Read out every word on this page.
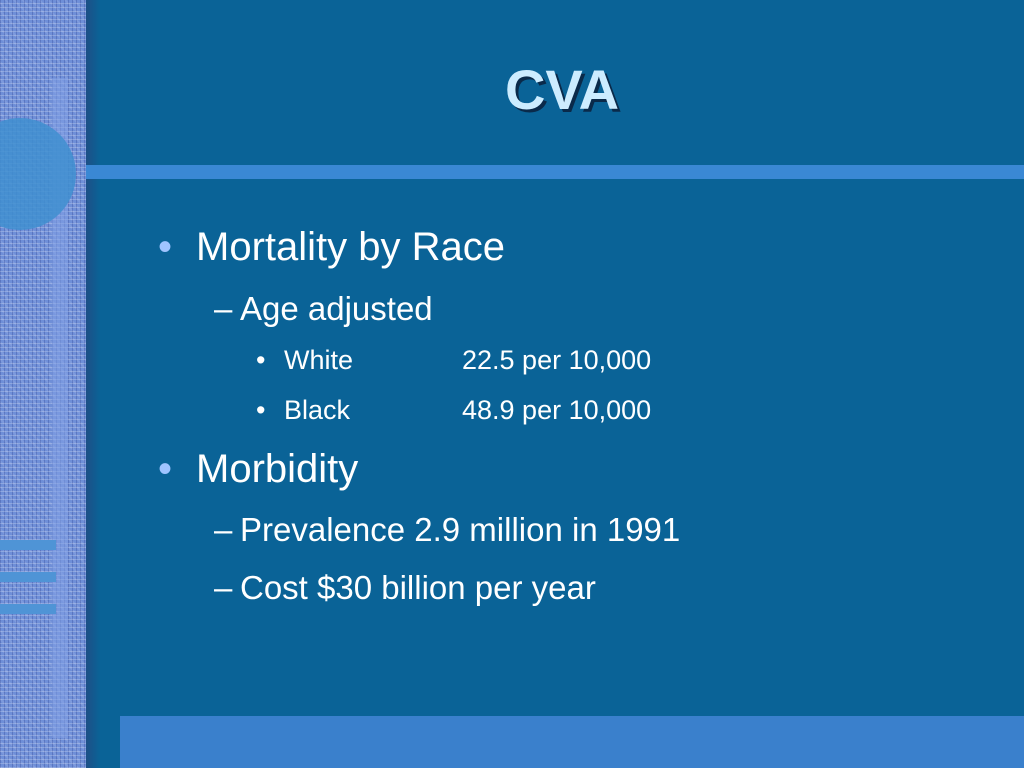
CVA
• Mortality by Race
– Age adjusted
• White	22.5 per 10,000
• Black	48.9 per 10,000
• Morbidity
– Prevalence 2.9 million in 1991
– Cost $30 billion per year
